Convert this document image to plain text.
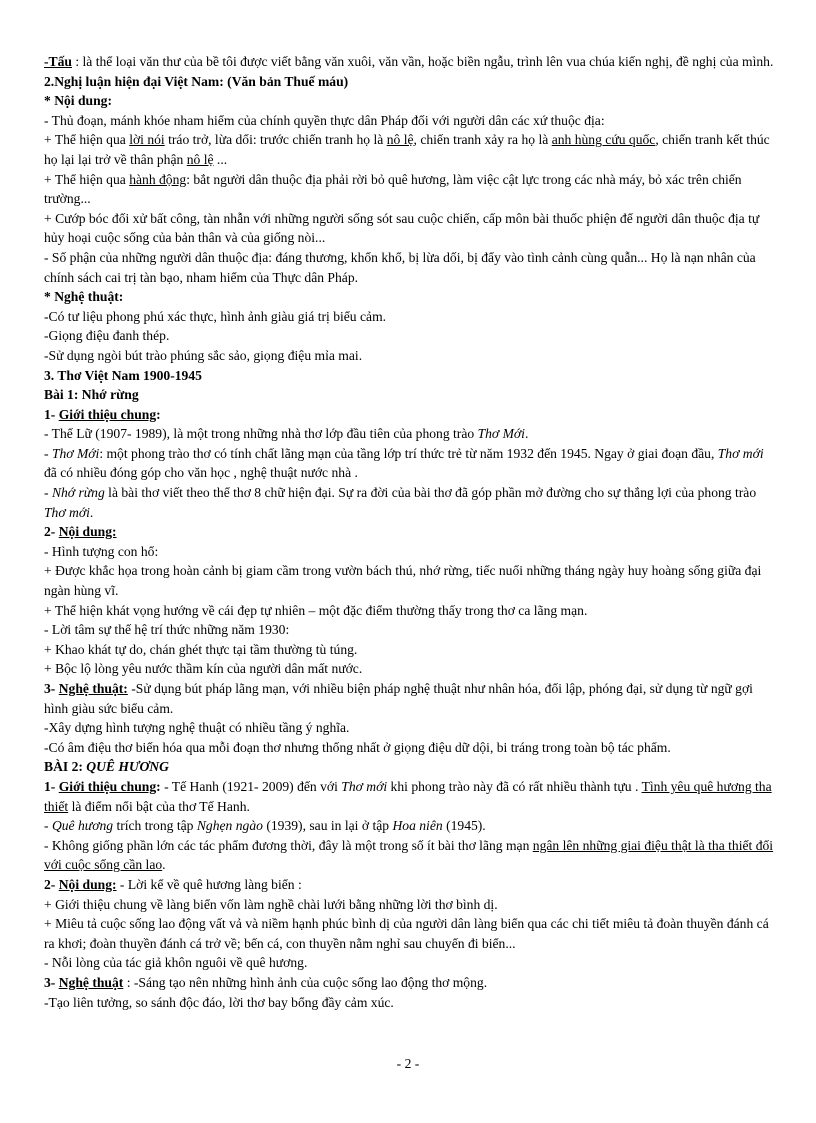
-Tấu : là thể loại văn thư của bề tôi được viết bằng văn xuôi, văn vần, hoặc biền ngẫu, trình lên vua chúa kiến nghị, đề nghị của mình.

2.Nghị luận hiện đại Việt Nam: (Văn bản Thuế máu)

* Nội dung:

- Thủ đoạn, mánh khóe nham hiểm của chính quyền thực dân Pháp đối với người dân các xứ thuộc địa:

+ Thể hiện qua lời nói tráo trở, lừa dối: trước chiến tranh họ là nô lệ, chiến tranh xảy ra họ là anh hùng cứu quốc, chiến tranh kết thúc họ lại lại trở về thân phận nô lệ ...

+ Thể hiện qua hành động: bắt người dân thuộc địa phải rời bỏ quê hương, làm việc cật lực trong các nhà máy, bỏ xác trên chiến trường...

+ Cướp bóc đối xử bất công, tàn nhẫn với những người sống sót sau cuộc chiến, cấp môn bài thuốc phiện để người dân thuộc địa tự hủy hoại cuộc sống của bản thân và của giống nòi...

- Số phận của những người dân thuộc địa: đáng thương, khốn khổ, bị lừa dối, bị đẩy vào tình cảnh cùng quẫn... Họ là nạn nhân của chính sách cai trị tàn bạo, nham hiểm của Thực dân Pháp.

* Nghệ thuật:

-Có tư liệu phong phú xác thực, hình ảnh giàu giá trị biểu cảm.

-Giọng điệu đanh thép.

-Sử dụng ngòi bút trào phúng sắc sảo, giọng điệu mỉa mai.

3. Thơ Việt Nam 1900-1945

Bài 1: Nhớ rừng

1- Giới thiệu chung:

- Thế Lữ (1907- 1989), là một trong những nhà thơ lớp đầu tiên của phong trào Thơ Mới.

- Thơ Mới: một phong trào thơ có tính chất lãng mạn của tầng lớp trí thức trẻ từ năm 1932 đến 1945. Ngay ở giai đoạn đầu, Thơ mới đã có nhiều đóng góp cho văn học , nghệ thuật nước nhà .

- Nhớ rừng là bài thơ viết theo thể thơ 8 chữ hiện đại. Sự ra đời của bài thơ đã góp phần mở đường cho sự thắng lợi của phong trào Thơ mới.

2- Nội dung:

- Hình tượng con hổ:

+ Được khắc họa trong hoàn cảnh bị giam cầm trong vườn bách thú, nhớ rừng, tiếc nuối những tháng ngày huy hoàng sống giữa đại ngàn hùng vĩ.

+ Thể hiện khát vọng hướng về cái đẹp tự nhiên – một đặc điểm thường thấy trong thơ ca lãng mạn.

- Lời tâm sự thế hệ trí thức những năm 1930:

+ Khao khát tự do, chán ghét thực tại tầm thường tù túng.

+ Bộc lộ lòng yêu nước thầm kín của người dân mất nước.

3- Nghệ thuật: -Sử dụng bút pháp lãng mạn, với nhiều biện pháp nghệ thuật như nhân hóa, đối lập, phóng đại, sử dụng từ ngữ gợi hình giàu sức biểu cảm.

-Xây dựng hình tượng nghệ thuật có nhiều tầng ý nghĩa.

-Có âm điệu thơ biến hóa qua mỗi đoạn thơ nhưng thống nhất ở giọng điệu dữ dội, bi tráng trong toàn bộ tác phẩm.

BÀI 2: QUÊ HƯƠNG

1- Giới thiệu chung: - Tế Hanh (1921- 2009) đến với Thơ mới khi phong trào này đã có rất nhiều thành tựu . Tình yêu quê hương tha thiết là điểm nổi bật của thơ Tế Hanh.

- Quê hương trích trong tập Nghẹn ngào (1939), sau in lại ở tập Hoa niên (1945).

- Không giống phần lớn các tác phẩm đương thời, đây là một trong số ít bài thơ lãng mạn ngân lên những giai điệu thật là tha thiết đối với cuộc sống cần lao.

2- Nội dung: - Lời kể về quê hương làng biển :

+ Giới thiệu chung về làng biển vốn làm nghề chài lưới bằng những lời thơ bình dị.

+ Miêu tả cuộc sống lao động vất vả và niềm hạnh phúc bình dị của người dân làng biển qua các chi tiết miêu tả đoàn thuyền đánh cá ra khơi; đoàn thuyền đánh cá trở về; bến cá, con thuyền nằm nghỉ sau chuyến đi biển...

- Nỗi lòng của tác giả khôn nguôi về quê hương.

3- Nghệ thuật : -Sáng tạo nên những hình ảnh của cuộc sống lao động thơ mộng.

-Tạo liên tưởng, so sánh độc đáo, lời thơ bay bổng đầy cảm xúc.

- 2 -
